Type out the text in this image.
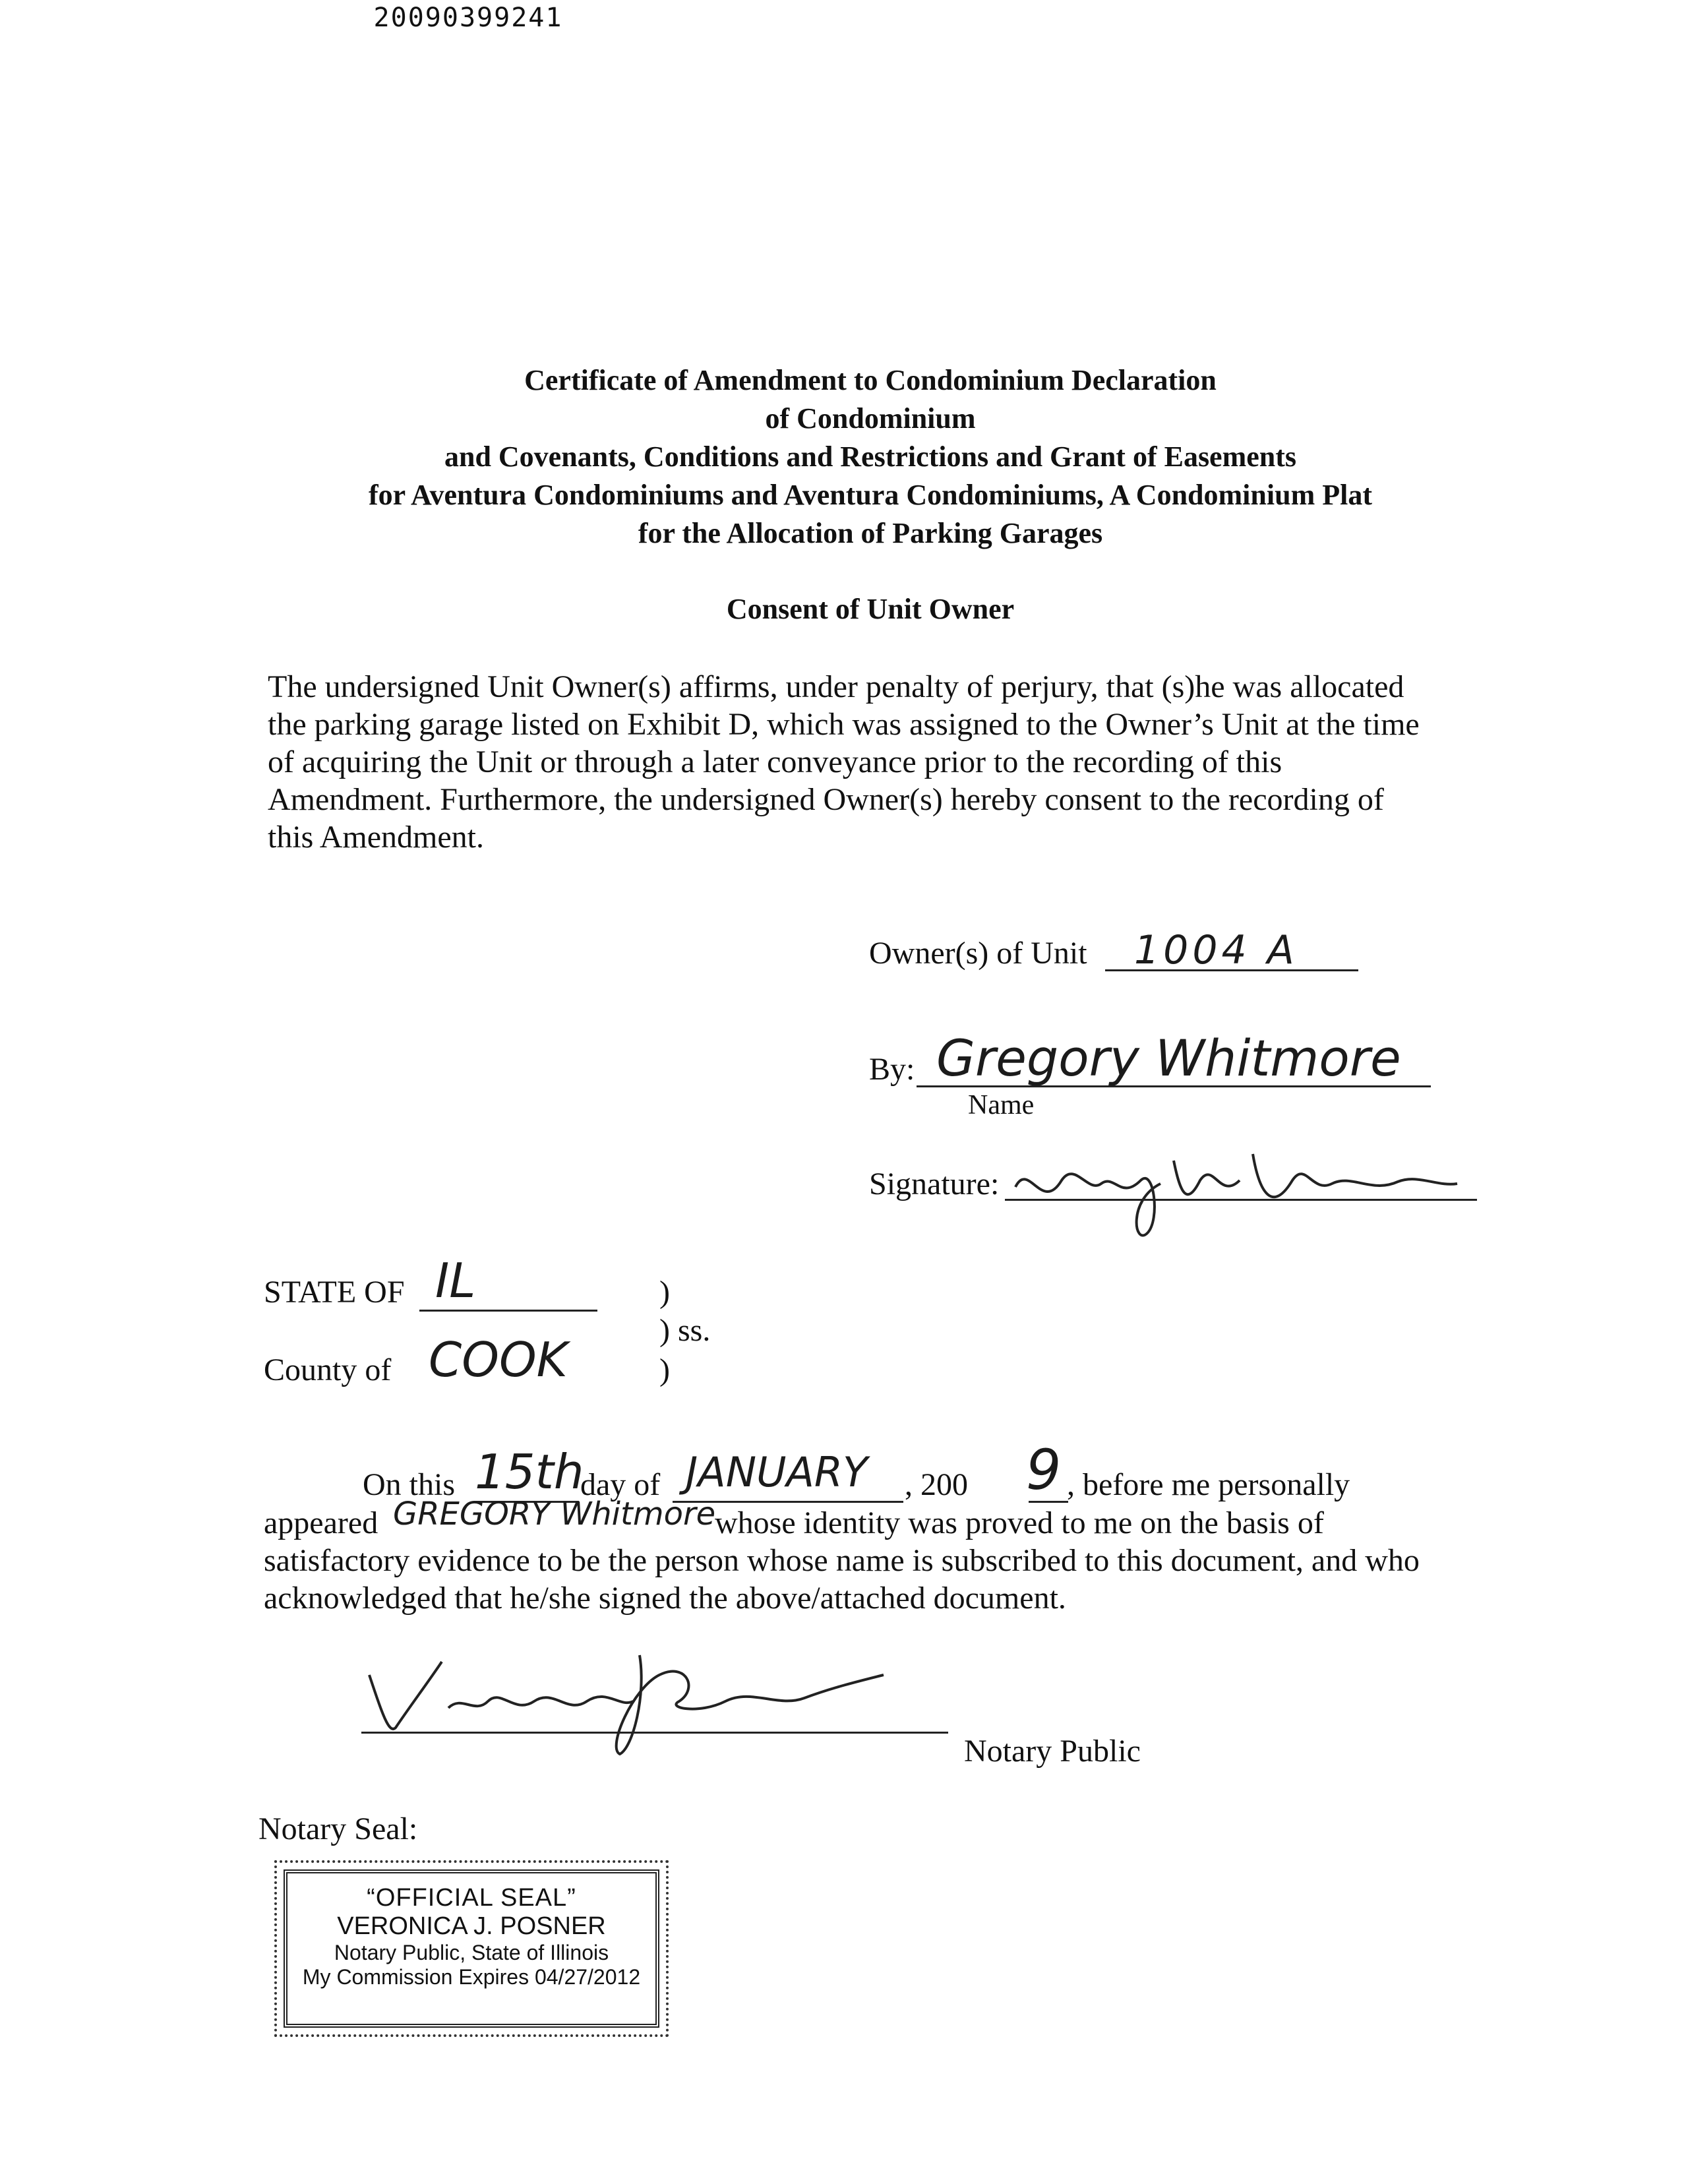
20090399241
Certificate of Amendment to Condominium Declaration
of Condominium
and Covenants, Conditions and Restrictions and Grant of Easements
for Aventura Condominiums and Aventura Condominiums, A Condominium Plat
for the Allocation of Parking Garages
Consent of Unit Owner

The undersigned Unit Owner(s) affirms, under penalty of perjury, that (s)he was allocated

the parking garage listed on Exhibit D, which was assigned to the Owner’s Unit at the time

of acquiring the Unit or through a later conveyance prior to the recording of this

Amendment. Furthermore, the undersigned Owner(s) hereby consent to the recording of

this Amendment.

Owner(s) of Unit 1004 A
By: Gregory Whitmore
Name
Signature:
STATE OF IL	)
) ss.
County of COOK	)
On this 15th
day of JANUARY , 200 9 , before me personally
appeared GREGORY Whitmore
whose identity was proved to me on the basis of
satisfactory evidence to be the person whose name is subscribed to this document, and who
acknowledged that he/she signed the above/attached document.
Notary Public
Notary Seal:
“OFFICIAL SEAL”
VERONICA J. POSNER
Notary Public, State of Illinois
My Commission Expires 04/27/2012
